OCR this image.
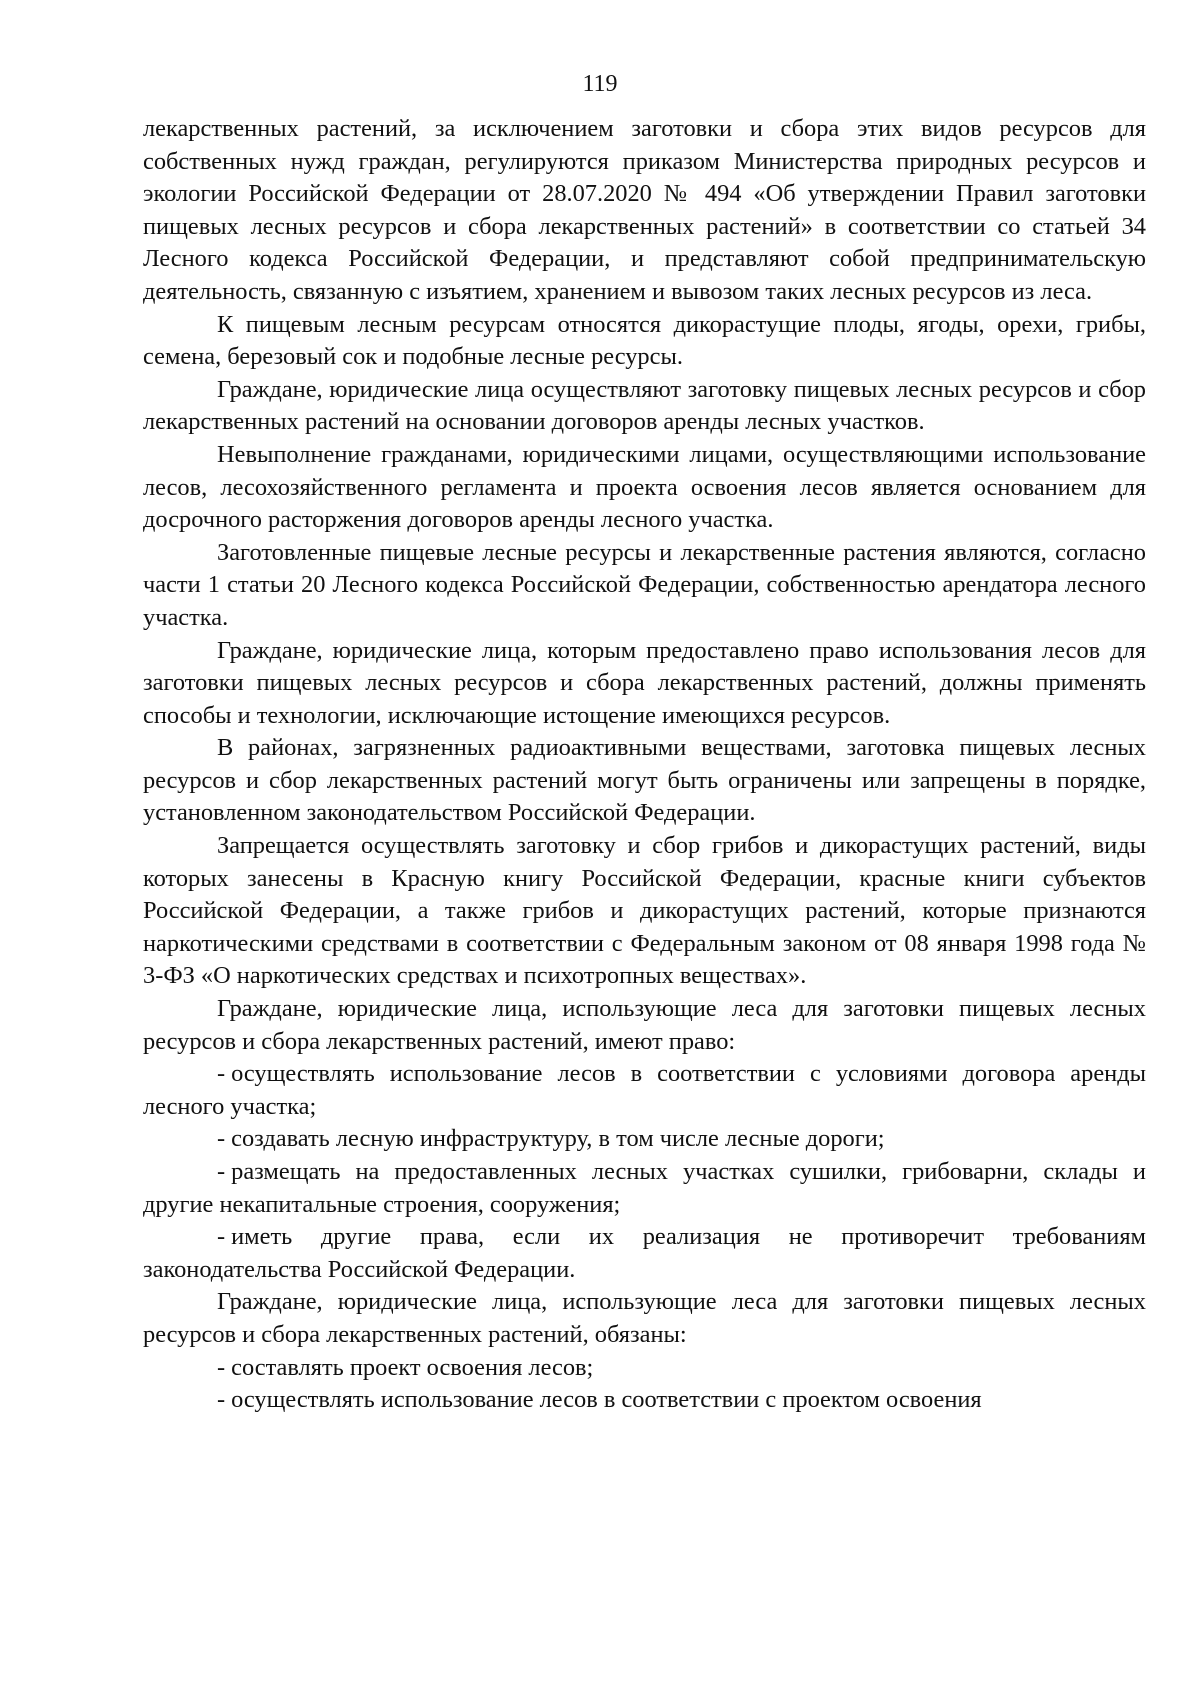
119

лекарственных растений, за исключением заготовки и сбора этих видов ресурсов для собственных нужд граждан, регулируются приказом Министерства природных ресурсов и экологии Российской Федерации от 28.07.2020 № 494 «Об утверждении Правил заготовки пищевых лесных ресурсов и сбора лекарственных растений» в соответствии со статьей 34 Лесного кодекса Российской Федерации, и представляют собой предпринимательскую деятельность, связанную с изъятием, хранением и вывозом таких лесных ресурсов из леса.

К пищевым лесным ресурсам относятся дикорастущие плоды, ягоды, орехи, грибы, семена, березовый сок и подобные лесные ресурсы.

Граждане, юридические лица осуществляют заготовку пищевых лесных ресурсов и сбор лекарственных растений на основании договоров аренды лесных участков.

Невыполнение гражданами, юридическими лицами, осуществляющими использование лесов, лесохозяйственного регламента и проекта освоения лесов является основанием для досрочного расторжения договоров аренды лесного участка.

Заготовленные пищевые лесные ресурсы и лекарственные растения являются, согласно части 1 статьи 20 Лесного кодекса Российской Федерации, собственностью арендатора лесного участка.

Граждане, юридические лица, которым предоставлено право использования лесов для заготовки пищевых лесных ресурсов и сбора лекарственных растений, должны применять способы и технологии, исключающие истощение имеющихся ресурсов.

В районах, загрязненных радиоактивными веществами, заготовка пищевых лесных ресурсов и сбор лекарственных растений могут быть ограничены или запрещены в порядке, установленном законодательством Российской Федерации.

Запрещается осуществлять заготовку и сбор грибов и дикорастущих растений, виды которых занесены в Красную книгу Российской Федерации, красные книги субъектов Российской Федерации, а также грибов и дикорастущих растений, которые признаются наркотическими средствами в соответствии с Федеральным законом от 08 января 1998 года № 3-ФЗ «О наркотических средствах и психотропных веществах».

Граждане, юридические лица, использующие леса для заготовки пищевых лесных ресурсов и сбора лекарственных растений, имеют право:

- осуществлять использование лесов в соответствии с условиями договора аренды лесного участка;

- создавать лесную инфраструктуру, в том числе лесные дороги;

- размещать на предоставленных лесных участках сушилки, грибоварни, склады и другие некапитальные строения, сооружения;

- иметь другие права, если их реализация не противоречит требованиям законодательства Российской Федерации.

Граждане, юридические лица, использующие леса для заготовки пищевых лесных ресурсов и сбора лекарственных растений, обязаны:

- составлять проект освоения лесов;

- осуществлять использование лесов в соответствии с проектом освоения
